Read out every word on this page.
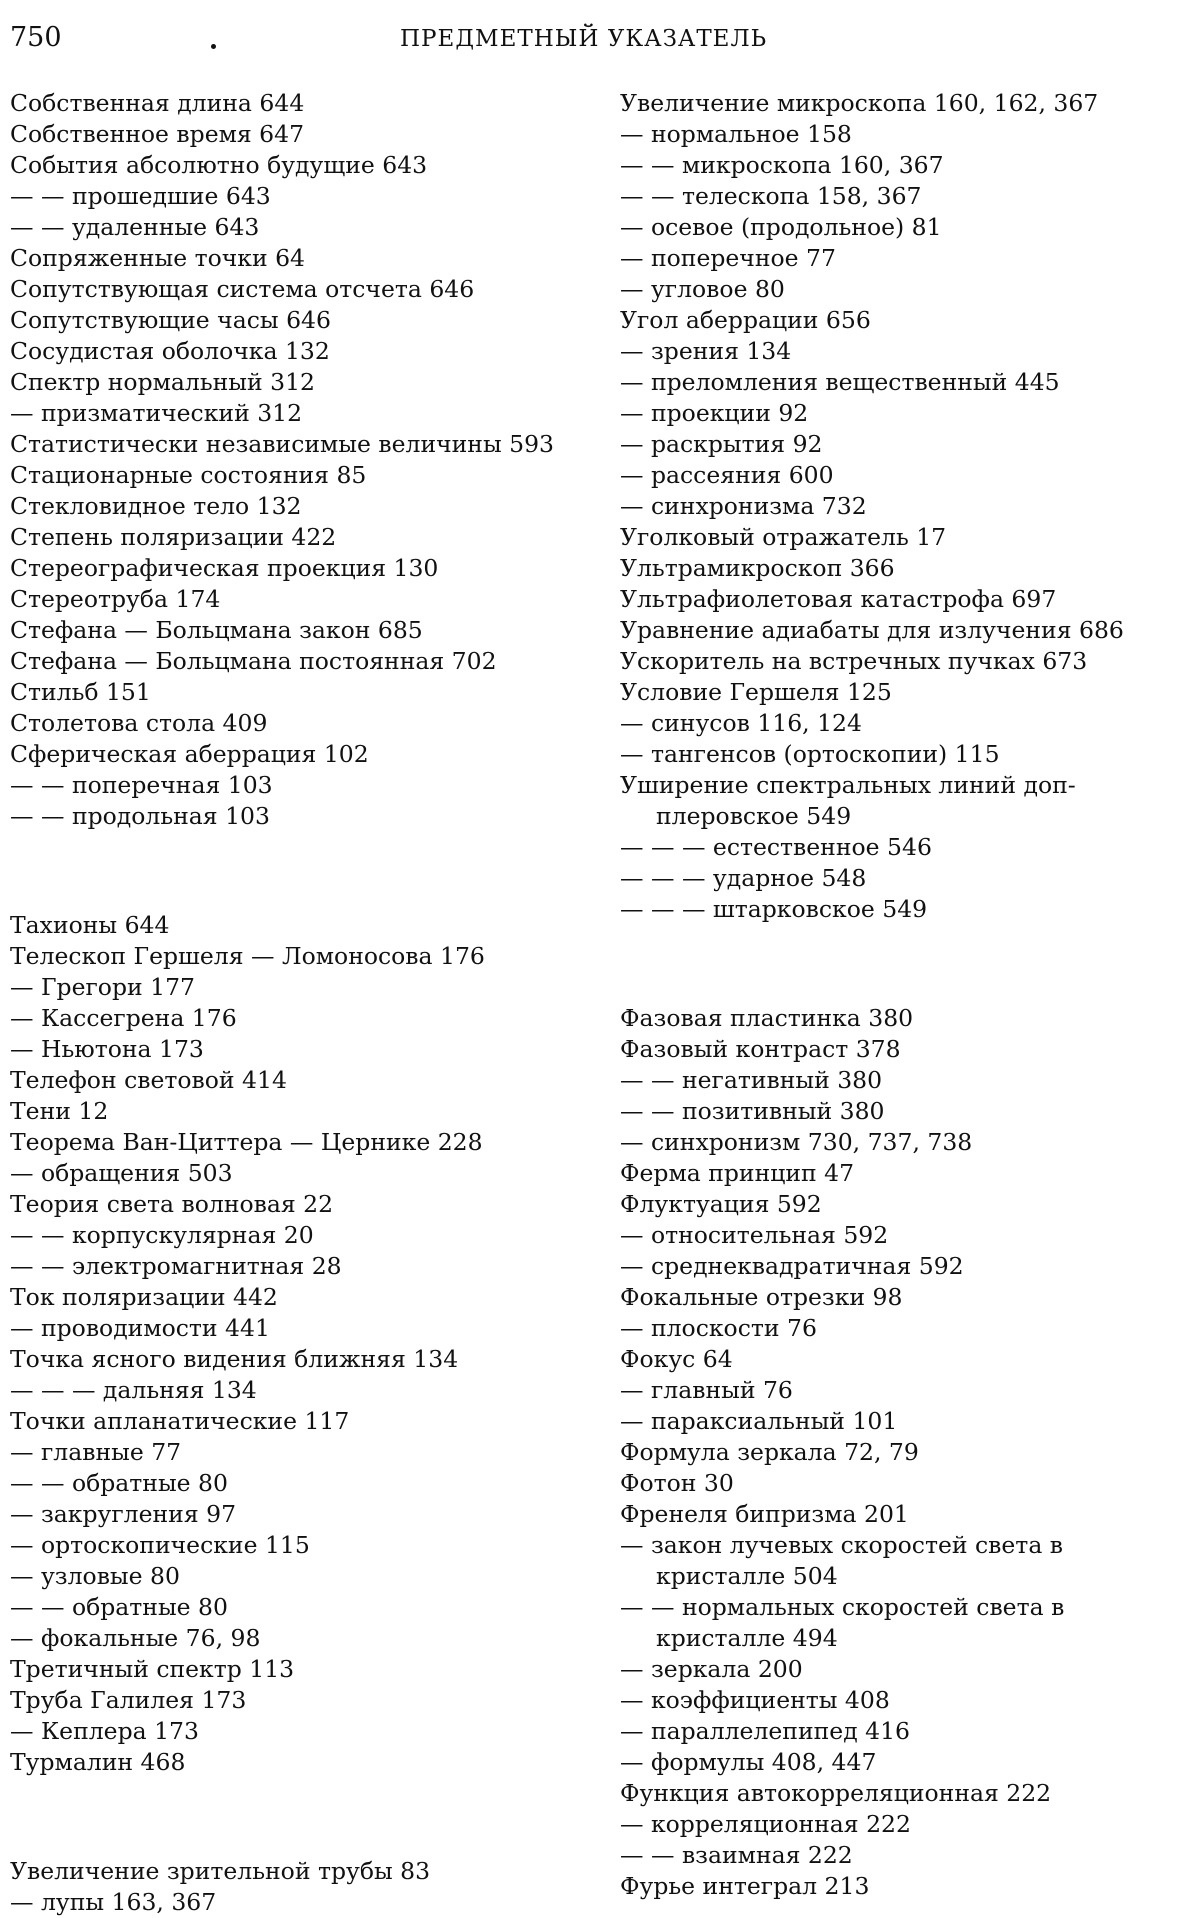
750	ПРЕДМЕТНЫЙ УКАЗАТЕЛЬ

Собственная длина 644

Собственное время 647

События абсолютно будущие 643

— — прошедшие 643

— — удаленные 643

Сопряженные точки 64

Сопутствующая система отсчета 646

Сопутствующие часы 646

Сосудистая оболочка 132

Спектр нормальный 312

— призматический 312

Статистически независимые величины 593

Стационарные состояния 85

Стекловидное тело 132

Степень поляризации 422

Стереографическая проекция 130

Стереотруба 174

Стефана — Больцмана закон 685

Стефана — Больцмана постоянная 702

Стильб 151

Столетова стола 409

Сферическая аберрация 102

— — поперечная 103

— — продольная 103

Тахионы 644

Телескоп Гершеля — Ломоносова 176

— Грегори 177

— Кассегрена 176

— Ньютона 173

Телефон световой 414

Тени 12

Теорема Ван-Циттера — Цернике 228

— обращения 503

Теория света волновая 22

— — корпускулярная 20

— — электромагнитная 28

Ток поляризации 442

— проводимости 441

Точка ясного видения ближняя 134

— — — дальняя 134

Точки апланатические 117

— главные 77

— — обратные 80

— закругления 97

— ортоскопические 115

— узловые 80

— — обратные 80

— фокальные 76, 98

Третичный спектр 113

Труба Галилея 173

— Кеплера 173

Турмалин 468

Увеличение зрительной трубы 83

— лупы 163, 367

Увеличение микроскопа 160, 162, 367

— нормальное 158

— — микроскопа 160, 367

— — телескопа 158, 367

— осевое (продольное) 81

— поперечное 77

— угловое 80

Угол аберрации 656

— зрения 134

— преломления вещественный 445

— проекции 92

— раскрытия 92

— рассеяния 600

— синхронизма 732

Уголковый отражатель 17

Ультрамикроскоп 366

Ультрафиолетовая катастрофа 697

Уравнение адиабаты для излучения 686

Ускоритель на встречных пучках 673

Условие Гершеля 125

— синусов 116, 124

— тангенсов (ортоскопии) 115

Уширение спектральных линий доп- плеровское 549

— — — естественное 546

— — — ударное 548

— — — штарковское 549

Фазовая пластинка 380

Фазовый контраст 378

— — негативный 380

— — позитивный 380

— синхронизм 730, 737, 738

Ферма принцип 47

Флуктуация 592

— относительная 592

— среднеквадратичная 592

Фокальные отрезки 98

— плоскости 76

Фокус 64

— главный 76

— параксиальный 101

Формула зеркала 72, 79

Фотон 30

Френеля бипризма 201

— закон лучевых скоростей света в кристалле 504

— — нормальных скоростей света в кристалле 494

— зеркала 200

— коэффициенты 408

— параллелепипед 416

— формулы 408, 447

Функция автокорреляционная 222

— корреляционная 222

— — взаимная 222

Фурье интеграл 213
